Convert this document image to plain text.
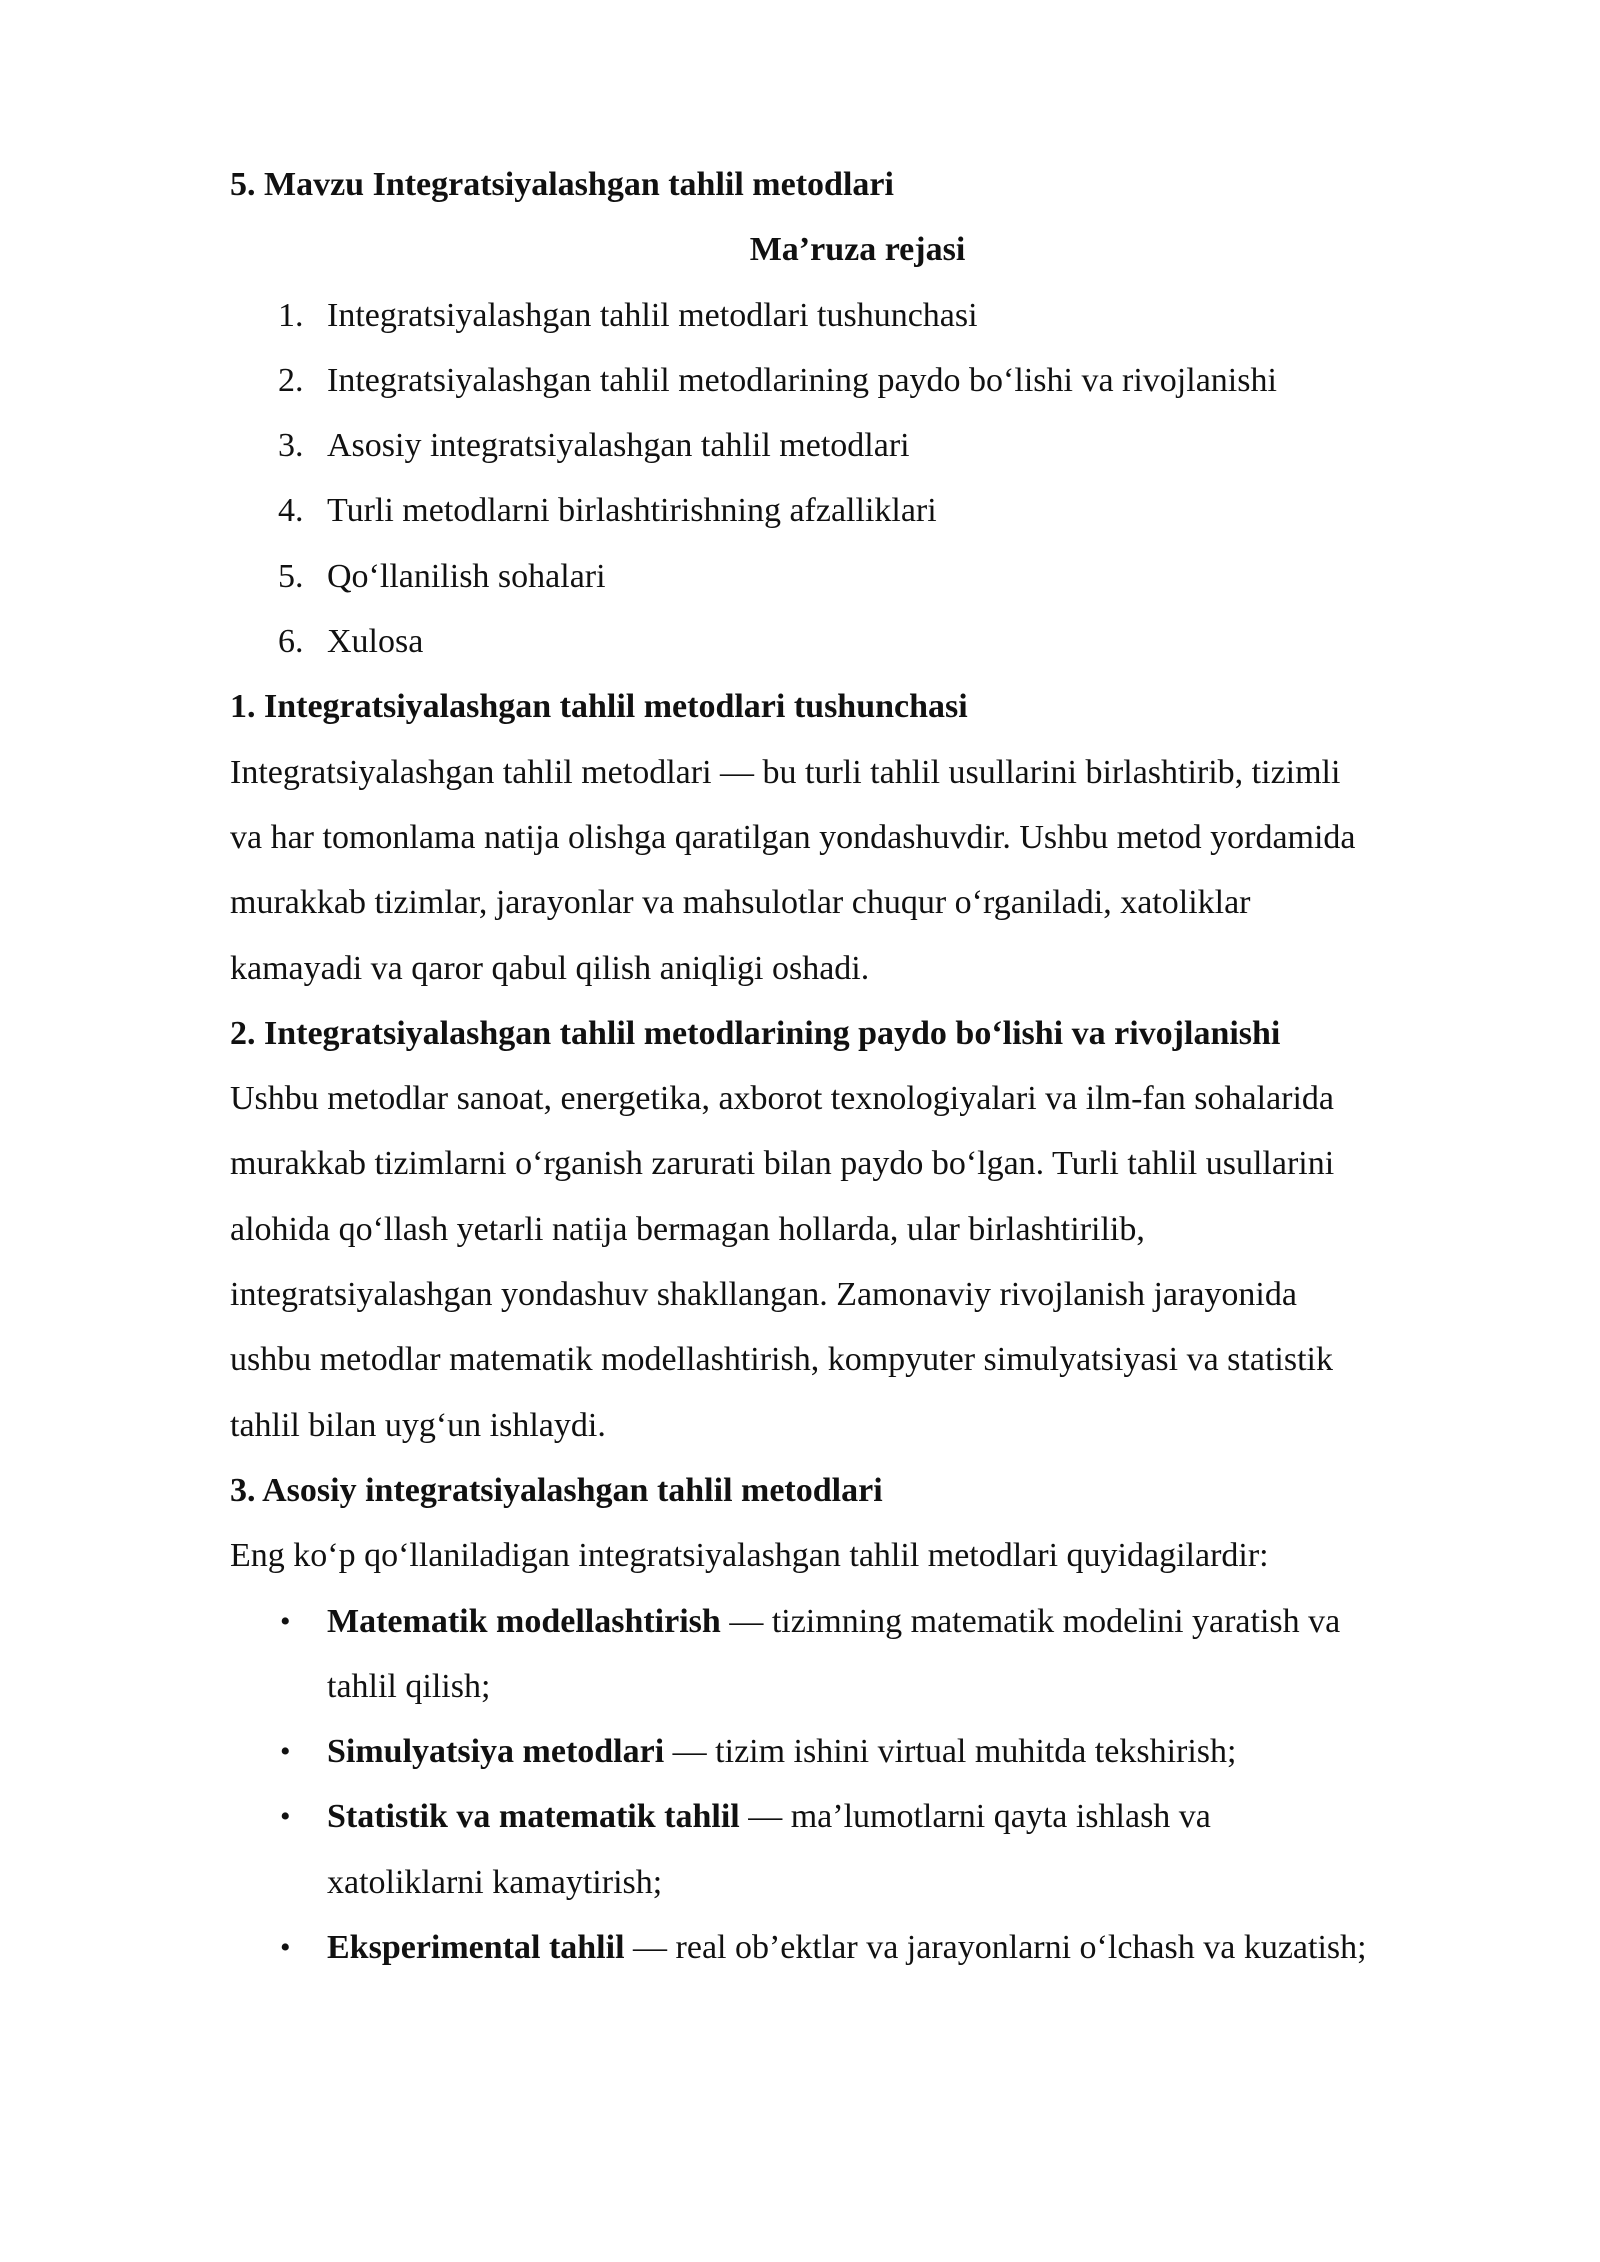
5. Mavzu Integratsiyalashgan tahlil metodlari
Ma’ruza rejasi
1. Integratsiyalashgan tahlil metodlari tushunchasi
2. Integratsiyalashgan tahlil metodlarining paydo bo‘lishi va rivojlanishi
3. Asosiy integratsiyalashgan tahlil metodlari
4. Turli metodlarni birlashtirishning afzalliklari
5. Qo‘llanilish sohalari
6. Xulosa
1. Integratsiyalashgan tahlil metodlari tushunchasi
Integratsiyalashgan tahlil metodlari — bu turli tahlil usullarini birlashtirib, tizimli
va har tomonlama natija olishga qaratilgan yondashuvdir. Ushbu metod yordamida
murakkab tizimlar, jarayonlar va mahsulotlar chuqur o‘rganiladi, xatoliklar
kamayadi va qaror qabul qilish aniqligi oshadi.
2. Integratsiyalashgan tahlil metodlarining paydo bo‘lishi va rivojlanishi
Ushbu metodlar sanoat, energetika, axborot texnologiyalari va ilm-fan sohalarida
murakkab tizimlarni o‘rganish zarurati bilan paydo bo‘lgan. Turli tahlil usullarini
alohida qo‘llash yetarli natija bermagan hollarda, ular birlashtirilib,
integratsiyalashgan yondashuv shakllangan. Zamonaviy rivojlanish jarayonida
ushbu metodlar matematik modellashtirish, kompyuter simulyatsiyasi va statistik
tahlil bilan uyg‘un ishlaydi.
3. Asosiy integratsiyalashgan tahlil metodlari
Eng ko‘p qo‘llaniladigan integratsiyalashgan tahlil metodlari quyidagilardir:
• Matematik modellashtirish — tizimning matematik modelini yaratish va
tahlil qilish;
• Simulyatsiya metodlari — tizim ishini virtual muhitda tekshirish;
• Statistik va matematik tahlil — ma’lumotlarni qayta ishlash va
xatoliklarni kamaytirish;
• Eksperimental tahlil — real ob’ektlar va jarayonlarni o‘lchash va kuzatish;
